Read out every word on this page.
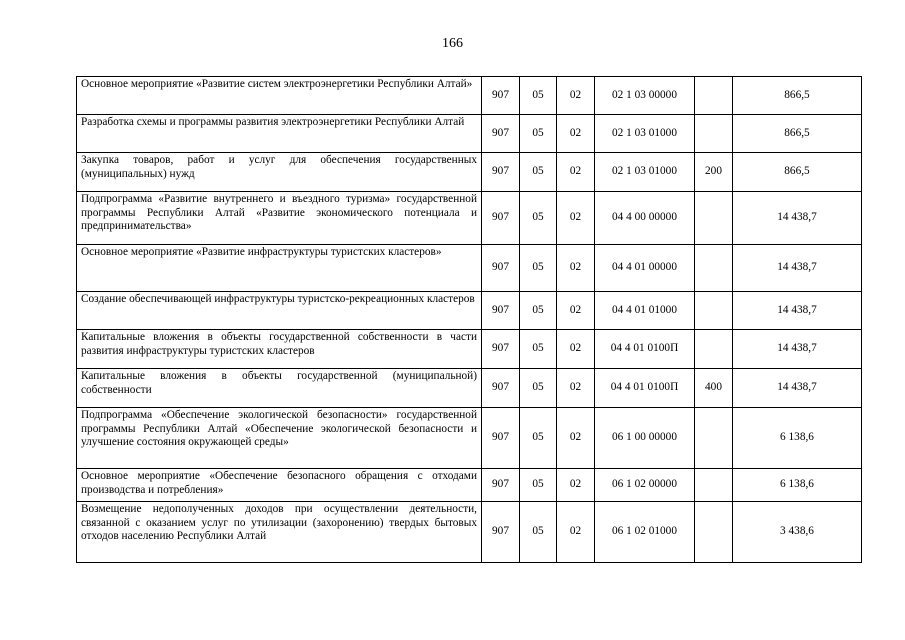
166
Основное мероприятие «Развитие систем электроэнергетики Республики Алтай»	907	05	02	02 1 03 00000		866,5
Разработка схемы и программы развития электроэнергетики Республики Алтай	907	05	02	02 1 03 01000		866,5
Закупка товаров, работ и услуг для обеспечения государственных (муниципальных) нужд	907	05	02	02 1 03 01000	200	866,5
Подпрограмма «Развитие внутреннего и въездного туризма» государственной программы Республики Алтай «Развитие экономического потенциала и предпринимательства»	907	05	02	04 4 00 00000		14 438,7
Основное мероприятие «Развитие инфраструктуры туристских кластеров»	907	05	02	04 4 01 00000		14 438,7
Создание обеспечивающей инфраструктуры туристско-рекреационных кластеров	907	05	02	04 4 01 01000		14 438,7
Капитальные вложения в объекты государственной собственности в части развития инфраструктуры туристских кластеров	907	05	02	04 4 01 0100П		14 438,7
Капитальные вложения в объекты государственной (муниципальной) собственности	907	05	02	04 4 01 0100П	400	14 438,7
Подпрограмма «Обеспечение экологической безопасности» государственной программы Республики Алтай «Обеспечение экологической безопасности и улучшение состояния окружающей среды»	907	05	02	06 1 00 00000		6 138,6
Основное мероприятие «Обеспечение безопасного обращения с отходами производства и потребления»	907	05	02	06 1 02 00000		6 138,6
Возмещение недополученных доходов при осуществлении деятельности, связанной с оказанием услуг по утилизации (захоронению) твердых бытовых отходов населению Республики Алтай	907	05	02	06 1 02 01000		3 438,6
